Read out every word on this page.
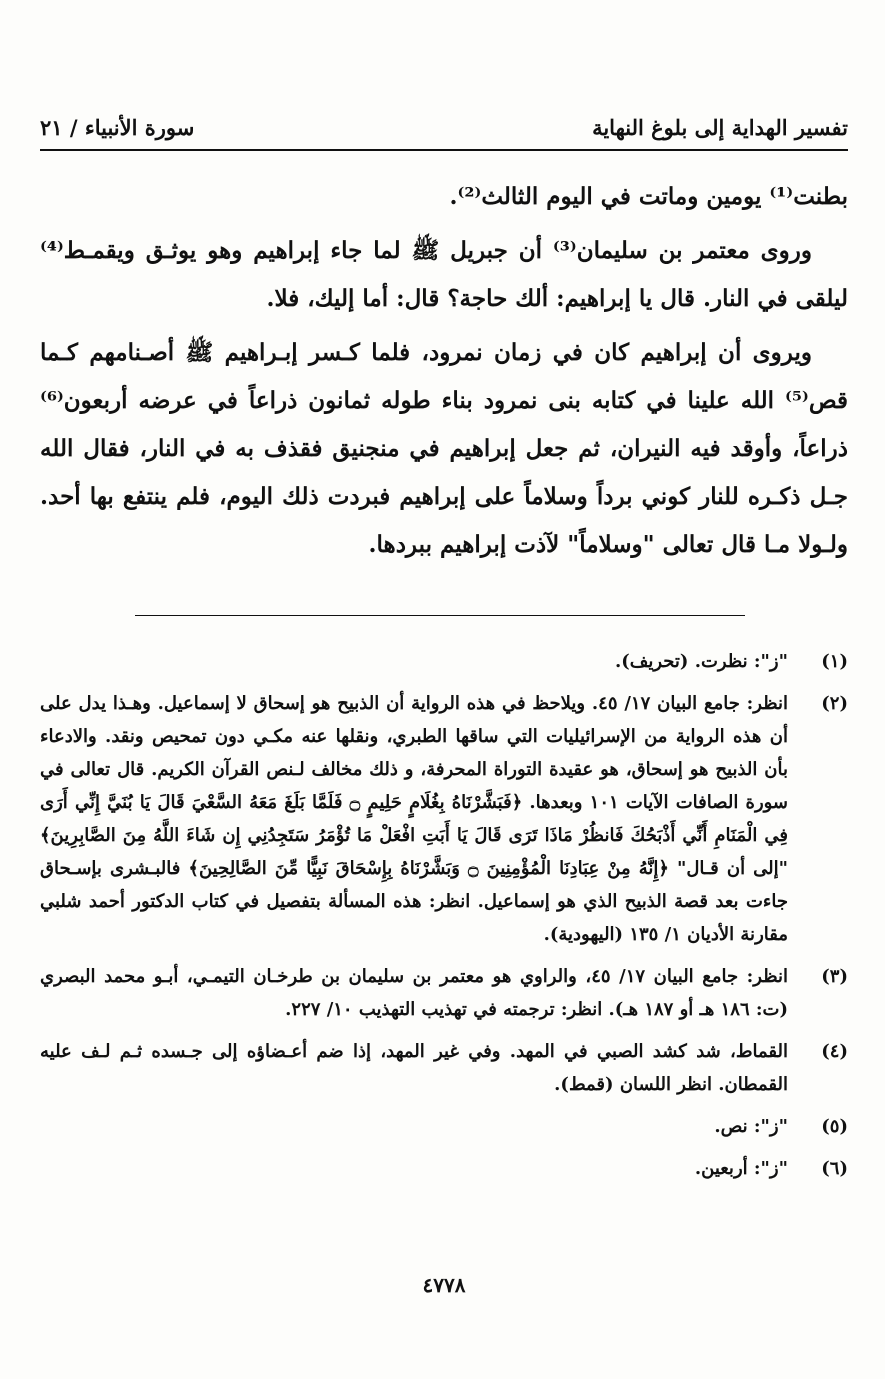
تفسير الهداية إلى بلوغ النهاية
سورة الأنبياء / ٢١

بطنت⁽¹⁾ يومين وماتت في اليوم الثالث⁽²⁾.

وروى معتمر بن سليمان⁽³⁾ أن جبريل ﷺ لما جاء إبراهيم وهو يوثـق ويقمـط⁽⁴⁾ ليلقى في النار. قال يا إبراهيم: ألك حاجة؟ قال: أما إليك، فلا.

ويروى أن إبراهيم كان في زمان نمرود، فلما كـسر إبـراهيم ﷺ أصـنامهم كـما قص⁽⁵⁾ الله علينا في كتابه بنى نمرود بناء طوله ثمانون ذراعاً في عرضه أربعون⁽⁶⁾ ذراعاً، وأوقد فيه النيران، ثم جعل إبراهيم في منجنيق فقذف به في النار، فقال الله جـل ذكـره للنار كوني برداً وسلاماً على إبراهيم فبردت ذلك اليوم، فلم ينتفع بها أحد. ولـولا مـا قال تعالى "وسلاماً" لآذت إبراهيم ببردها.

(١)
"ز": نظرت. (تحريف).
(٢)
انظر: جامع البيان ١٧/ ٤٥. ويلاحظ في هذه الرواية أن الذبيح هو إسحاق لا إسماعيل. وهـذا يدل على أن هذه الرواية من الإسرائيليات التي ساقها الطبري، ونقلها عنه مكـي دون تمحيص ونقد. والادعاء بأن الذبيح هو إسحاق، هو عقيدة التوراة المحرفة، و ذلك مخالف لـنص القرآن الكريم. قال تعالى في سورة الصافات الآيات ١٠١ وبعدها. ﴿فَبَشَّرْنَاهُ بِغُلَامٍ حَلِيمٍ ۝ فَلَمَّا بَلَغَ مَعَهُ السَّعْيَ قَالَ يَا بُنَيَّ إِنِّي أَرَى فِي الْمَنَامِ أَنِّي أَذْبَحُكَ فَانظُرْ مَاذَا تَرَى قَالَ يَا أَبَتِ افْعَلْ مَا تُؤْمَرُ سَتَجِدُنِي إِن شَاءَ اللَّهُ مِنَ الصَّابِرِينَ﴾ "إلى أن قـال" ﴿إِنَّهُ مِنْ عِبَادِنَا الْمُؤْمِنِينَ ۝ وَبَشَّرْنَاهُ بِإِسْحَاقَ نَبِيًّا مِّنَ الصَّالِحِينَ﴾ فالبـشرى بإسـحاق جاءت بعد قصة الذبيح الذي هو إسماعيل. انظر: هذه المسألة بتفصيل في كتاب الدكتور أحمد شلبي مقارنة الأديان ١/ ١٣٥ (اليهودية).
(٣)
انظر: جامع البيان ١٧/ ٤٥، والراوي هو معتمر بن سليمان بن طرخـان التيمـي، أبـو محمد البصري (ت: ١٨٦ هـ أو ١٨٧ هـ). انظر: ترجمته في تهذيب التهذيب ١٠/ ٢٢٧.
(٤)
القماط، شد كشد الصبي في المهد. وفي غير المهد، إذا ضم أعـضاؤه إلى جـسده ثـم لـف عليه القمطان. انظر اللسان (قمط).
(٥)
"ز": نص.
(٦)
"ز": أربعين.
٤٧٧٨
